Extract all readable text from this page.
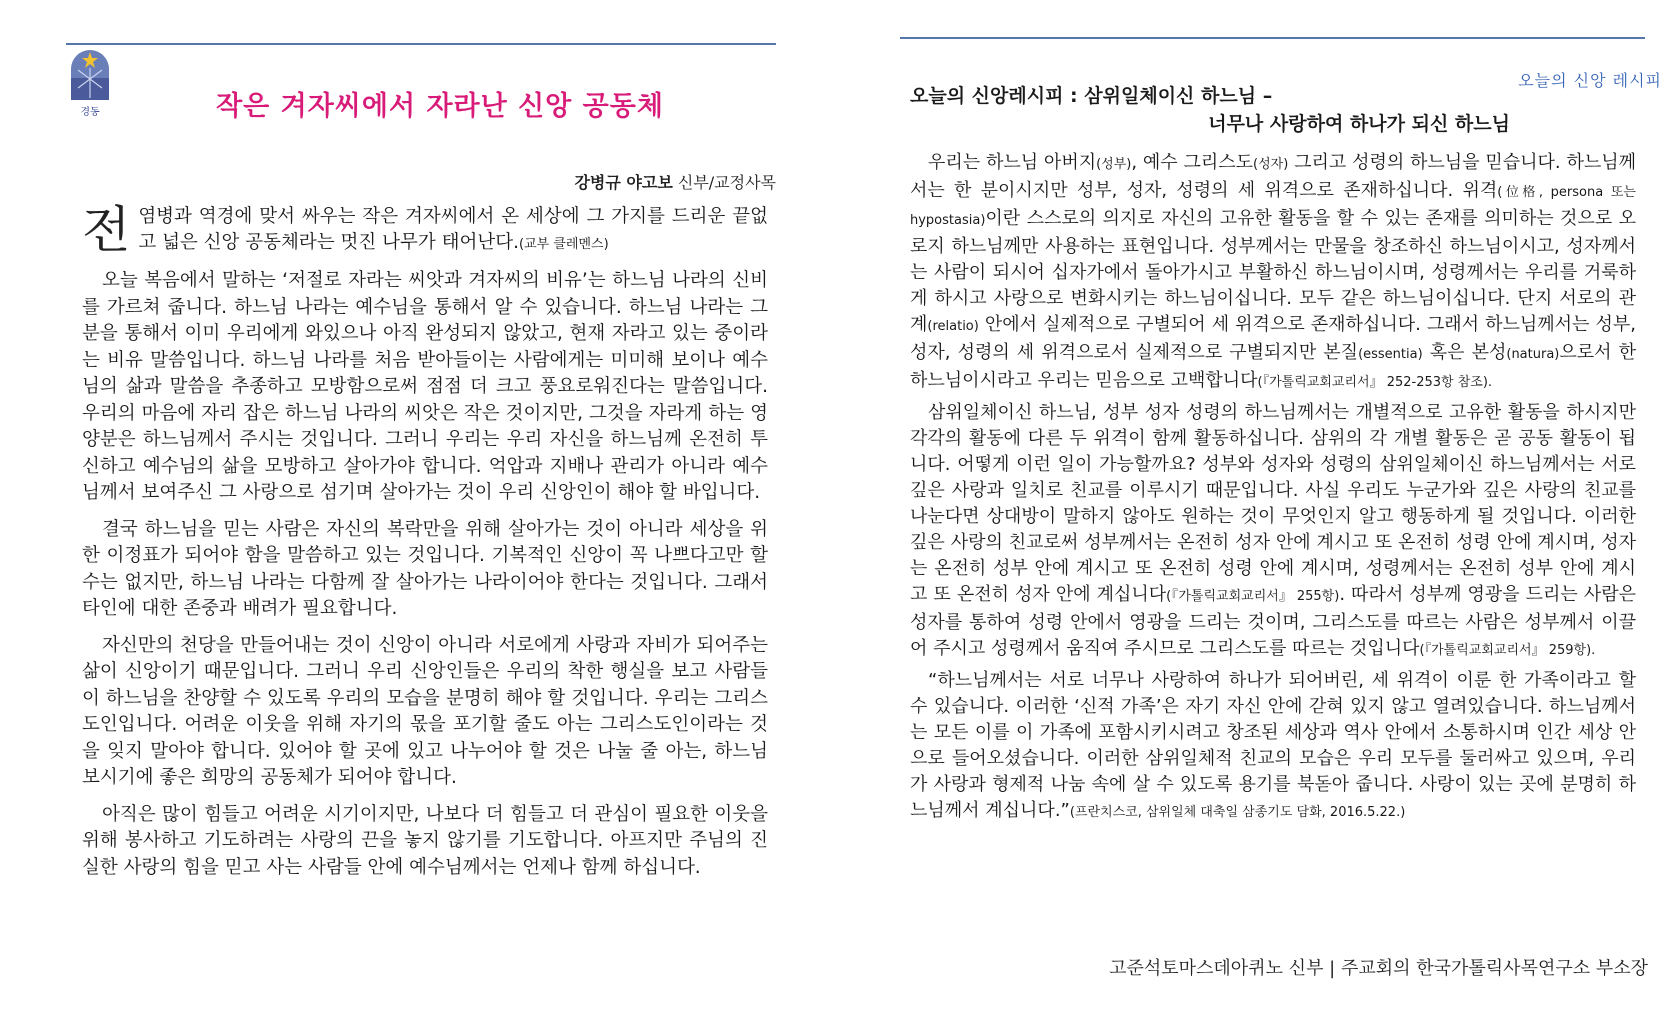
경동	작은 겨자씨에서 자라난 신앙 공동체
강병규 야고보 신부/교정사목
전염병과 역경에 맞서 싸우는 작은 겨자씨에서 온 세상에 그 가지를 드리운 끝없고 넓은 신앙 공동체라는 멋진 나무가 태어난다.(교부 클레멘스)

오늘 복음에서 말하는 ‘저절로 자라는 씨앗과 겨자씨의 비유’는 하느님 나라의 신비를 가르쳐 줍니다. 하느님 나라는 예수님을 통해서 알 수 있습니다. 하느님 나라는 그분을 통해서 이미 우리에게 와있으나 아직 완성되지 않았고, 현재 자라고 있는 중이라는 비유 말씀입니다. 하느님 나라를 처음 받아들이는 사람에게는 미미해 보이나 예수님의 삶과 말씀을 추종하고 모방함으로써 점점 더 크고 풍요로워진다는 말씀입니다. 우리의 마음에 자리 잡은 하느님 나라의 씨앗은 작은 것이지만, 그것을 자라게 하는 영양분은 하느님께서 주시는 것입니다. 그러니 우리는 우리 자신을 하느님께 온전히 투신하고 예수님의 삶을 모방하고 살아가야 합니다. 억압과 지배나 관리가 아니라 예수님께서 보여주신 그 사랑으로 섬기며 살아가는 것이 우리 신앙인이 해야 할 바입니다.

결국 하느님을 믿는 사람은 자신의 복락만을 위해 살아가는 것이 아니라 세상을 위한 이정표가 되어야 함을 말씀하고 있는 것입니다. 기복적인 신앙이 꼭 나쁘다고만 할 수는 없지만, 하느님 나라는 다함께 잘 살아가는 나라이어야 한다는 것입니다. 그래서 타인에 대한 존중과 배려가 필요합니다.

자신만의 천당을 만들어내는 것이 신앙이 아니라 서로에게 사랑과 자비가 되어주는 삶이 신앙이기 때문입니다. 그러니 우리 신앙인들은 우리의 착한 행실을 보고 사람들이 하느님을 찬양할 수 있도록 우리의 모습을 분명히 해야 할 것입니다. 우리는 그리스도인입니다. 어려운 이웃을 위해 자기의 몫을 포기할 줄도 아는 그리스도인이라는 것을 잊지 말아야 합니다. 있어야 할 곳에 있고 나누어야 할 것은 나눌 줄 아는, 하느님 보시기에 좋은 희망의 공동체가 되어야 합니다.

아직은 많이 힘들고 어려운 시기이지만, 나보다 더 힘들고 더 관심이 필요한 이웃을 위해 봉사하고 기도하려는 사랑의 끈을 놓지 않기를 기도합니다. 아프지만 주님의 진실한 사랑의 힘을 믿고 사는 사람들 안에 예수님께서는 언제나 함께 하십니다.

오늘의 신앙 레시피
오늘의 신앙레시피 : 삼위일체이신 하느님 –
너무나 사랑하여 하나가 되신 하느님

우리는 하느님 아버지(성부), 예수 그리스도(성자) 그리고 성령의 하느님을 믿습니다. 하느님께서는 한 분이시지만 성부, 성자, 성령의 세 위격으로 존재하십니다. 위격(位格, persona 또는 hypostasia)이란 스스로의 의지로 자신의 고유한 활동을 할 수 있는 존재를 의미하는 것으로 오로지 하느님께만 사용하는 표현입니다. 성부께서는 만물을 창조하신 하느님이시고, 성자께서는 사람이 되시어 십자가에서 돌아가시고 부활하신 하느님이시며, 성령께서는 우리를 거룩하게 하시고 사랑으로 변화시키는 하느님이십니다. 모두 같은 하느님이십니다. 단지 서로의 관계(relatio) 안에서 실제적으로 구별되어 세 위격으로 존재하십니다. 그래서 하느님께서는 성부, 성자, 성령의 세 위격으로서 실제적으로 구별되지만 본질(essentia) 혹은 본성(natura)으로서 한 하느님이시라고 우리는 믿음으로 고백합니다(『가톨릭교회교리서』 252-253항 참조).

삼위일체이신 하느님, 성부 성자 성령의 하느님께서는 개별적으로 고유한 활동을 하시지만 각각의 활동에 다른 두 위격이 함께 활동하십니다. 삼위의 각 개별 활동은 곧 공동 활동이 됩니다. 어떻게 이런 일이 가능할까요? 성부와 성자와 성령의 삼위일체이신 하느님께서는 서로 깊은 사랑과 일치로 친교를 이루시기 때문입니다. 사실 우리도 누군가와 깊은 사랑의 친교를 나눈다면 상대방이 말하지 않아도 원하는 것이 무엇인지 알고 행동하게 될 것입니다. 이러한 깊은 사랑의 친교로써 성부께서는 온전히 성자 안에 계시고 또 온전히 성령 안에 계시며, 성자는 온전히 성부 안에 계시고 또 온전히 성령 안에 계시며, 성령께서는 온전히 성부 안에 계시고 또 온전히 성자 안에 계십니다(『가톨릭교회교리서』 255항). 따라서 성부께 영광을 드리는 사람은 성자를 통하여 성령 안에서 영광을 드리는 것이며, 그리스도를 따르는 사람은 성부께서 이끌어 주시고 성령께서 움직여 주시므로 그리스도를 따르는 것입니다(『가톨릭교회교리서』 259항).

“하느님께서는 서로 너무나 사랑하여 하나가 되어버린, 세 위격이 이룬 한 가족이라고 할 수 있습니다. 이러한 ‘신적 가족’은 자기 자신 안에 갇혀 있지 않고 열려있습니다. 하느님께서는 모든 이를 이 가족에 포함시키시려고 창조된 세상과 역사 안에서 소통하시며 인간 세상 안으로 들어오셨습니다. 이러한 삼위일체적 친교의 모습은 우리 모두를 둘러싸고 있으며, 우리가 사랑과 형제적 나눔 속에 살 수 있도록 용기를 북돋아 줍니다. 사랑이 있는 곳에 분명히 하느님께서 계십니다.”(프란치스코, 삼위일체 대축일 삼종기도 담화, 2016.5.22.)

고준석토마스데아퀴노 신부 | 주교회의 한국가톨릭사목연구소 부소장
